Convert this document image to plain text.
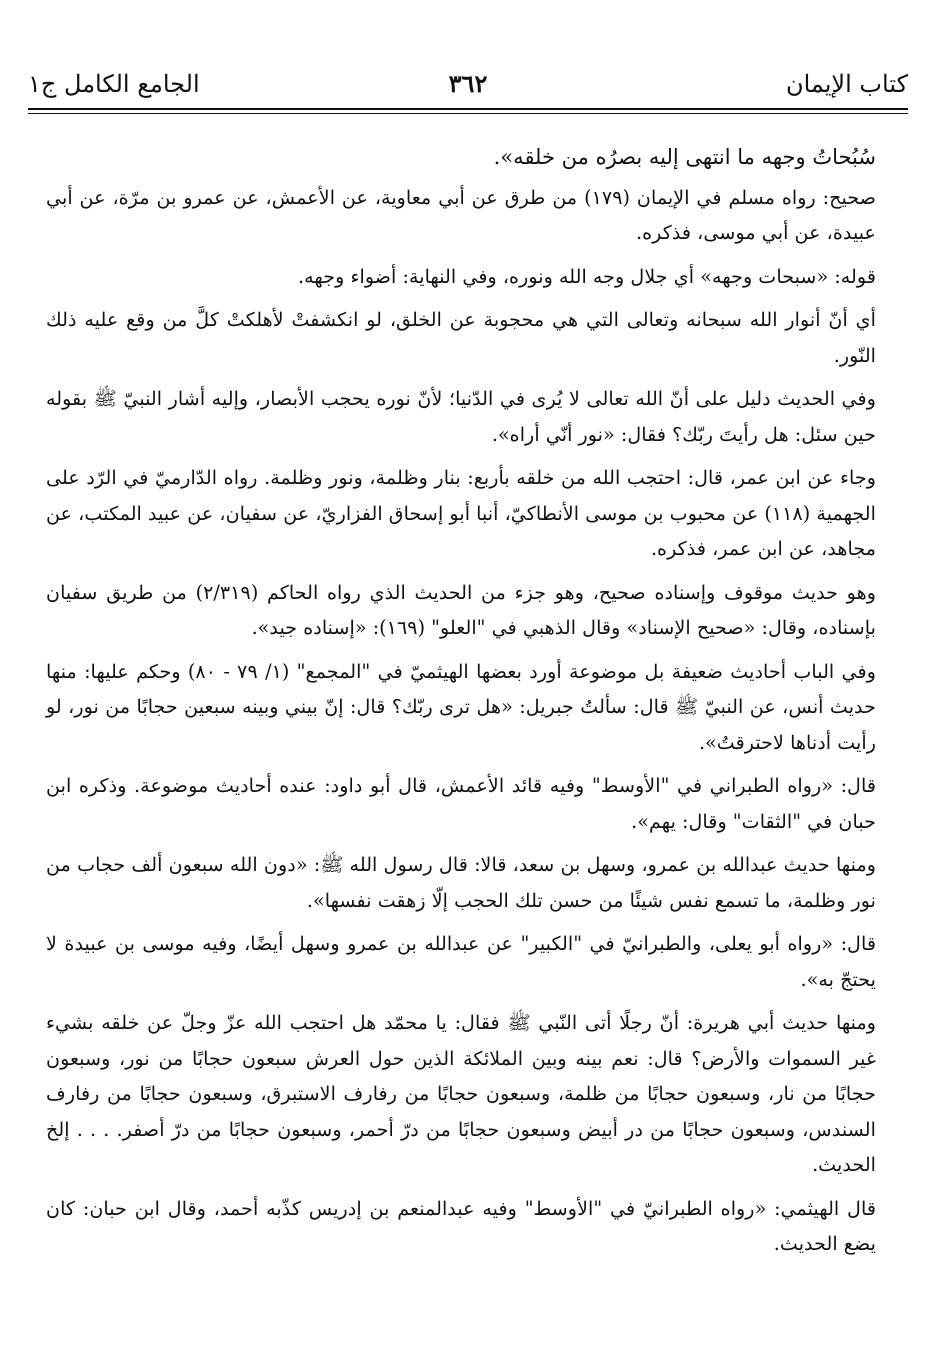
كتاب الإيمان
٣٦٢
الجامع الكامل ج١

سُبُحاتُ وجهه ما انتهى إليه بصرُه من خلقه».

صحيح: رواه مسلم في الإيمان (١٧٩) من طرق عن أبي معاوية، عن الأعمش، عن عمرو بن مرّة، عن أبي عبيدة، عن أبي موسى، فذكره.

قوله: «سبحات وجهه» أي جلال وجه الله ونوره، وفي النهاية: أضواء وجهه.

أي أنّ أنوار الله سبحانه وتعالى التي هي محجوبة عن الخلق، لو انكشفتْ لأهلكتْ كلَّ من وقع عليه ذلك النّور.

وفي الحديث دليل على أنّ الله تعالى لا يُرى في الدّنيا؛ لأنّ نوره يحجب الأبصار، وإليه أشار النبيّ ﷺ بقوله حين سئل: هل رأيتَ ربّك؟ فقال: «نور أنّي أراه».

وجاء عن ابن عمر، قال: احتجب الله من خلقه بأربع: بنار وظلمة، ونور وظلمة. رواه الدّارميّ في الرّد على الجهمية (١١٨) عن محبوب بن موسى الأنطاكيّ، أنبا أبو إسحاق الفزاريّ، عن سفيان، عن عبيد المكتب، عن مجاهد، عن ابن عمر، فذكره.

وهو حديث موقوف وإسناده صحيح، وهو جزء من الحديث الذي رواه الحاكم (٢/٣١٩) من طريق سفيان بإسناده، وقال: «صحيح الإسناد» وقال الذهبي في "العلو" (١٦٩): «إسناده جيد».

وفي الباب أحاديث ضعيفة بل موضوعة أورد بعضها الهيثميّ في "المجمع" (١/ ٧٩ - ٨٠) وحكم عليها: منها حديث أنس، عن النبيّ ﷺ قال: سألتُ جبريل: «هل ترى ربّك؟ قال: إنّ بيني وبينه سبعين حجابًا من نور، لو رأيت أدناها لاحترقتُ».

قال: «رواه الطبراني في "الأوسط" وفيه قائد الأعمش، قال أبو داود: عنده أحاديث موضوعة. وذكره ابن حبان في "الثقات" وقال: يهم».

ومنها حديث عبدالله بن عمرو، وسهل بن سعد، قالا: قال رسول الله ﷺ: «دون الله سبعون ألف حجاب من نور وظلمة، ما تسمع نفس شيئًا من حسن تلك الحجب إلّا زهقت نفسها».

قال: «رواه أبو يعلى، والطبرانيّ في "الكبير" عن عبدالله بن عمرو وسهل أيضًا، وفيه موسى بن عبيدة لا يحتجّ به».

ومنها حديث أبي هريرة: أنّ رجلًا أتى النّبي ﷺ فقال: يا محمّد هل احتجب الله عزّ وجلّ عن خلقه بشيء غير السموات والأرض؟ قال: نعم بينه وبين الملائكة الذين حول العرش سبعون حجابًا من نور، وسبعون حجابًا من نار، وسبعون حجابًا من ظلمة، وسبعون حجابًا من رفارف الاستبرق، وسبعون حجابًا من رفارف السندس، وسبعون حجابًا من در أبيض وسبعون حجابًا من درّ أحمر، وسبعون حجابًا من درّ أصفر. . . . إلخ الحديث.

قال الهيثمي: «رواه الطبرانيّ في "الأوسط" وفيه عبدالمنعم بن إدريس كذّبه أحمد، وقال ابن حبان: كان يضع الحديث.
